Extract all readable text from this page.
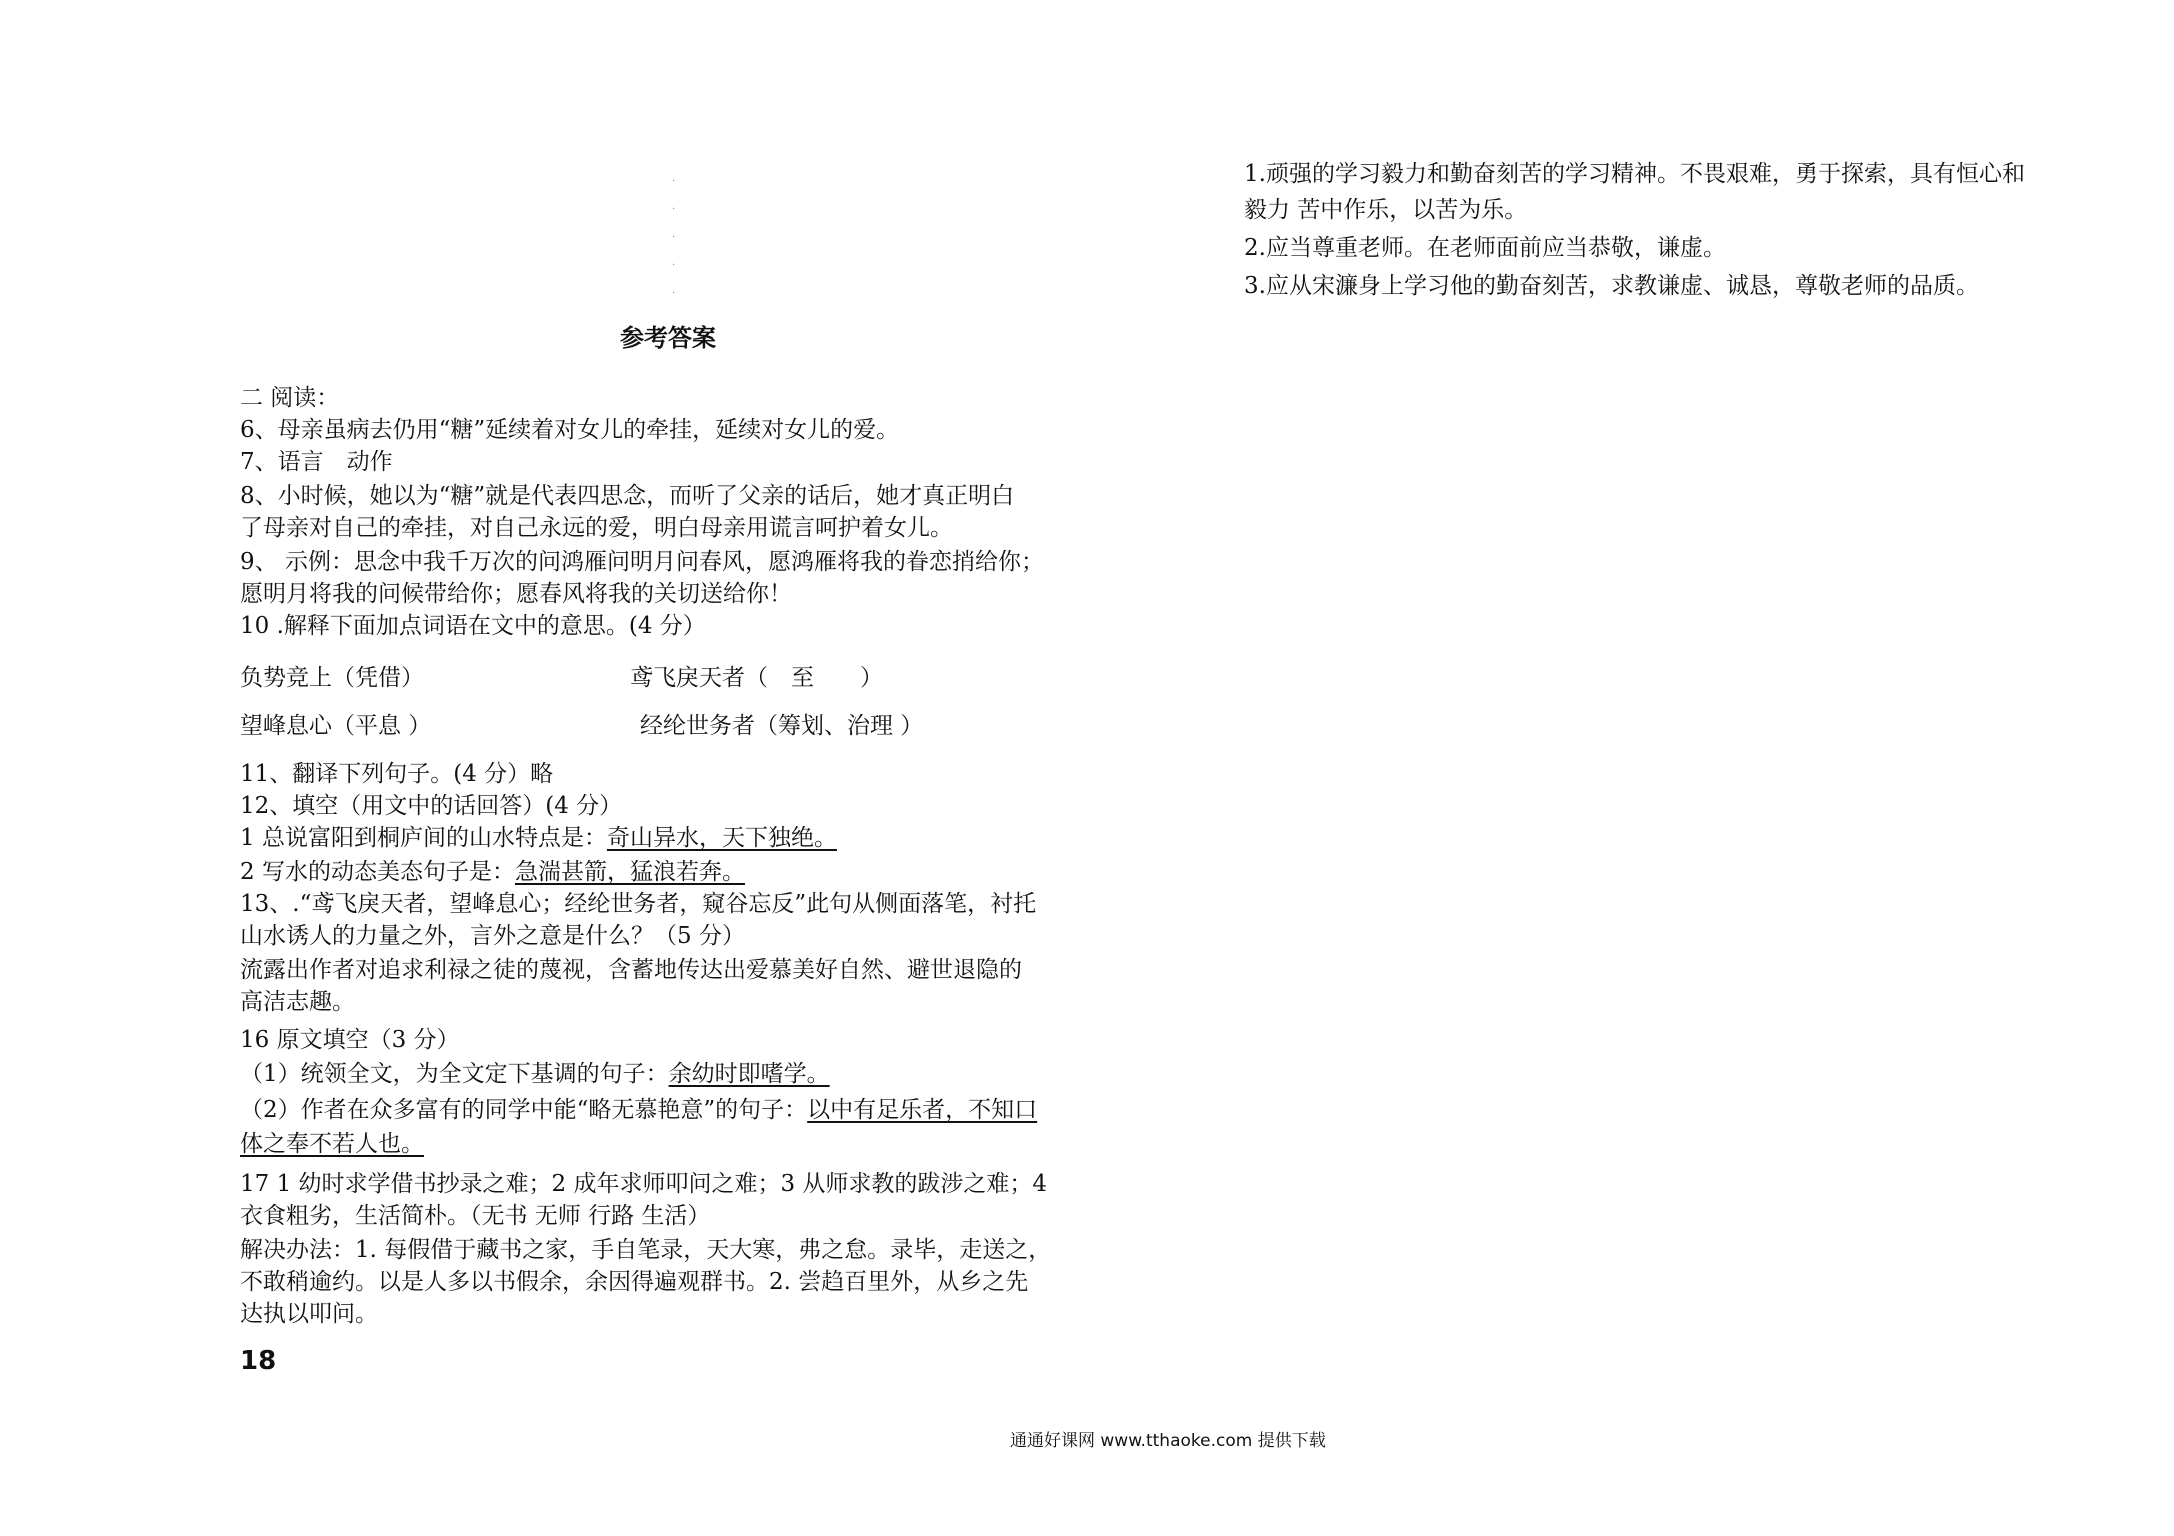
·
·
·
·
·
参考答案
二 阅读：
6、母亲虽病去仍用“糖”延续着对女儿的牵挂，延续对女儿的爱。
7、语言　动作
8、小时候，她以为“糖”就是代表四思念，而听了父亲的话后，她才真正明白
了母亲对自己的牵挂，对自己永远的爱，明白母亲用谎言呵护着女儿。
9、 示例：思念中我千万次的问鸿雁问明月问春风，愿鸿雁将我的眷恋捎给你；
愿明月将我的问候带给你；愿春风将我的关切送给你！
10 .解释下面加点词语在文中的意思。(4 分）
负势竞上（凭借）	鸢飞戾天者（　至　　）
望峰息心（平息 ）	经纶世务者（筹划、治理 ）
11、翻译下列句子。(4 分）略
12、填空（用文中的话回答）(4 分）
1 总说富阳到桐庐间的山水特点是：奇山异水，天下独绝。
2 写水的动态美态句子是：急湍甚箭，猛浪若奔。
13、.“鸢飞戾天者，望峰息心；经纶世务者，窥谷忘反”此句从侧面落笔，衬托
山水诱人的力量之外，言外之意是什么？（5 分）
流露出作者对追求利禄之徒的蔑视，含蓄地传达出爱慕美好自然、避世退隐的
高洁志趣。
16 原文填空（3 分）
（1）统领全文，为全文定下基调的句子：余幼时即嗜学。
（2）作者在众多富有的同学中能“略无慕艳意”的句子：以中有足乐者，不知口
体之奉不若人也。
17 1 幼时求学借书抄录之难；2 成年求师叩问之难；3 从师求教的跋涉之难；4
衣食粗劣，生活简朴。（无书 无师 行路 生活）
解决办法：1. 每假借于藏书之家，手自笔录，天大寒，弗之怠。录毕，走送之，
不敢稍逾约。以是人多以书假余，余因得遍观群书。2. 尝趋百里外，从乡之先
达执以叩问。
18
1.顽强的学习毅力和勤奋刻苦的学习精神。不畏艰难，勇于探索，具有恒心和
毅力 苦中作乐，以苦为乐。
2.应当尊重老师。在老师面前应当恭敬，谦虚。
3.应从宋濂身上学习他的勤奋刻苦，求教谦虚、诚恳，尊敬老师的品质。
通通好课网 www.tthaoke.com 提供下载
